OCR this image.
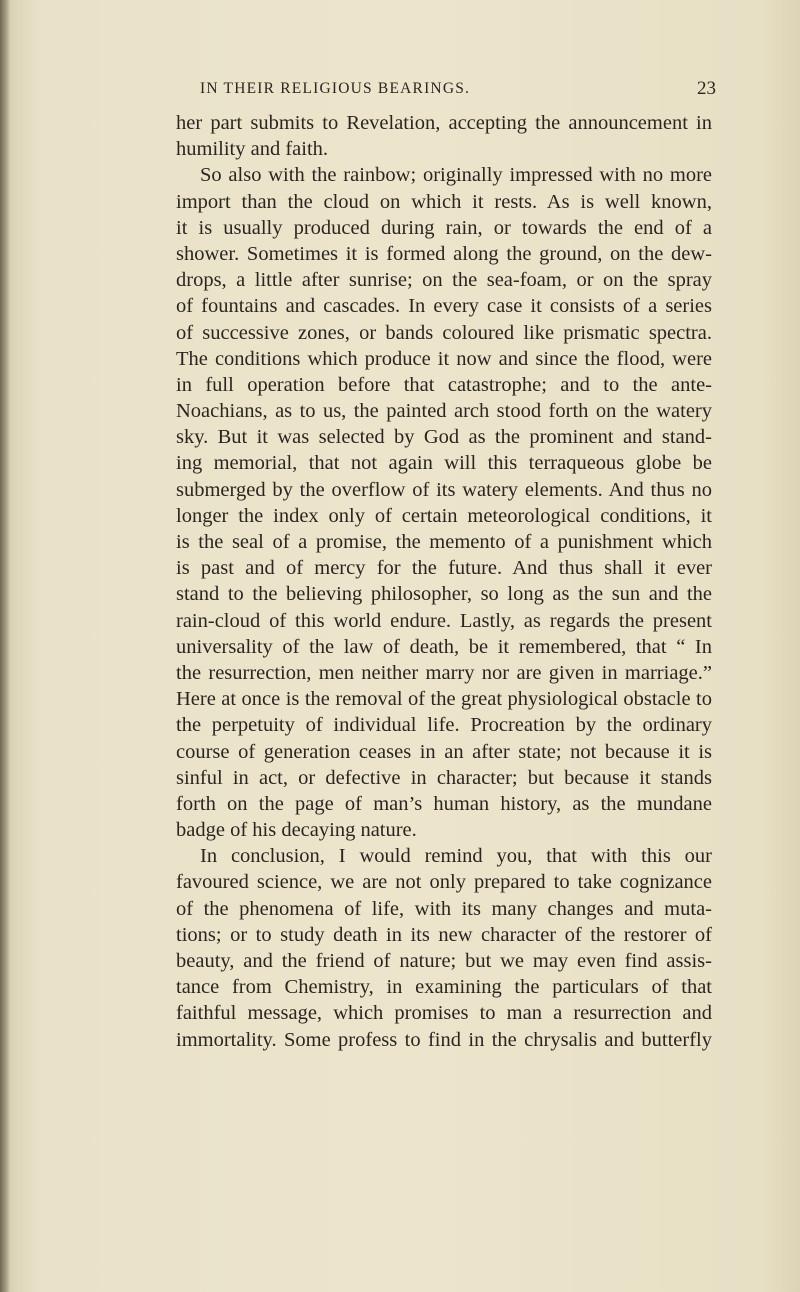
IN THEIR RELIGIOUS BEARINGS.	23
her part submits to Revelation, accepting the announcement in
humility and faith.
So also with the rainbow; originally impressed with no more
import than the cloud on which it rests. As is well known,
it is usually produced during rain, or towards the end of a
shower. Sometimes it is formed along the ground, on the dew-
drops, a little after sunrise; on the sea-foam, or on the spray
of fountains and cascades. In every case it consists of a series
of successive zones, or bands coloured like prismatic spectra.
The conditions which produce it now and since the flood, were
in full operation before that catastrophe; and to the ante-
Noachians, as to us, the painted arch stood forth on the watery
sky. But it was selected by God as the prominent and stand-
ing memorial, that not again will this terraqueous globe be
submerged by the overflow of its watery elements. And thus no
longer the index only of certain meteorological conditions, it
is the seal of a promise, the memento of a punishment which
is past and of mercy for the future. And thus shall it ever
stand to the believing philosopher, so long as the sun and the
rain-cloud of this world endure. Lastly, as regards the present
universality of the law of death, be it remembered, that “ In
the resurrection, men neither marry nor are given in marriage.”
Here at once is the removal of the great physiological obstacle to
the perpetuity of individual life. Procreation by the ordinary
course of generation ceases in an after state; not because it is
sinful in act, or defective in character; but because it stands
forth on the page of man’s human history, as the mundane
badge of his decaying nature.
In conclusion, I would remind you, that with this our
favoured science, we are not only prepared to take cognizance
of the phenomena of life, with its many changes and muta-
tions; or to study death in its new character of the restorer of
beauty, and the friend of nature; but we may even find assis-
tance from Chemistry, in examining the particulars of that
faithful message, which promises to man a resurrection and
immortality. Some profess to find in the chrysalis and butterfly
